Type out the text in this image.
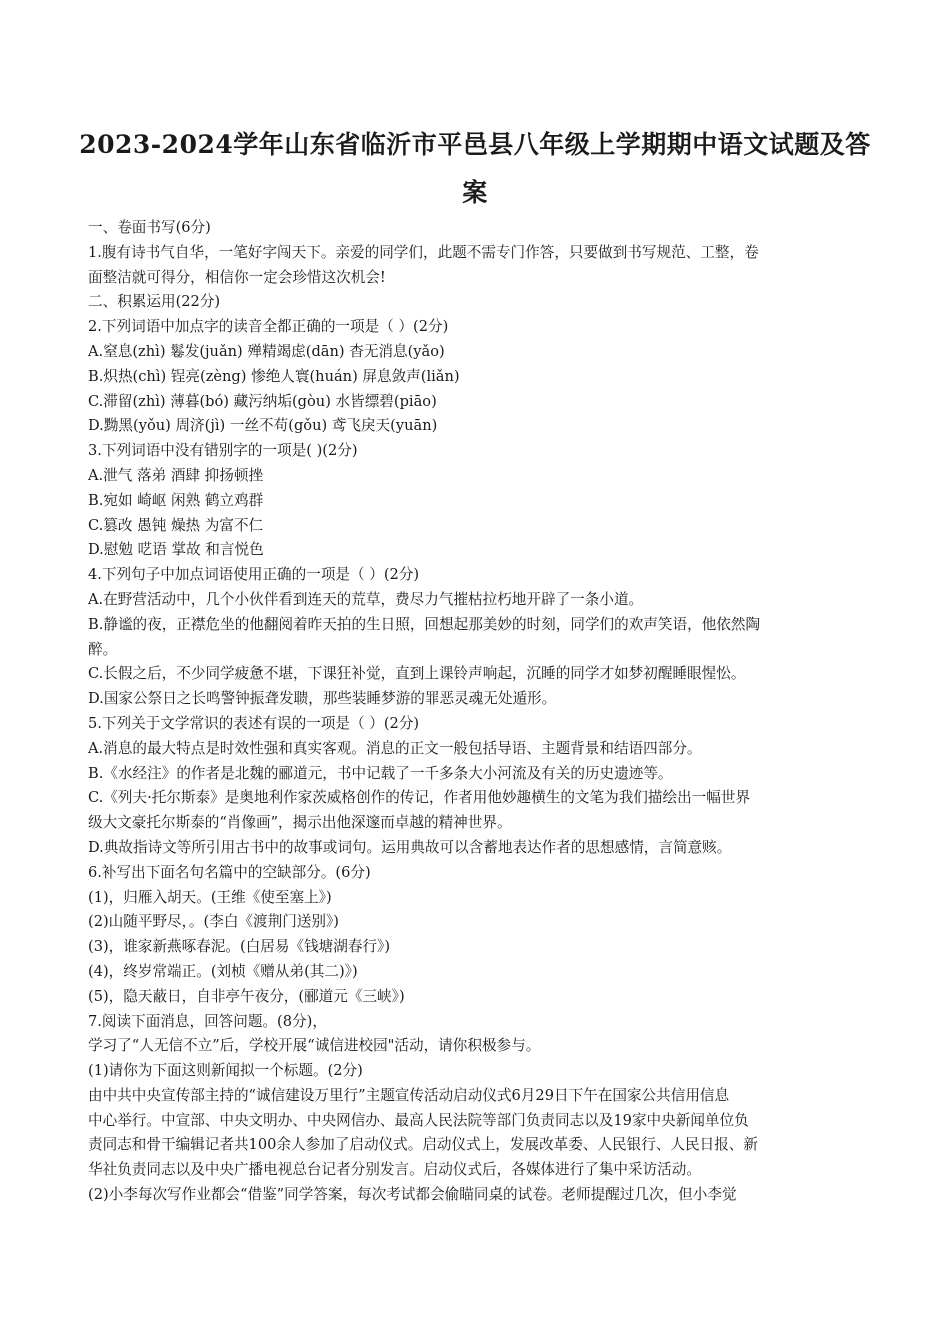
2023-2024学年山东省临沂市平邑县八年级上学期期中语文试题及答
案
一、卷面书写(6分)
1.腹有诗书气自华，一笔好字闯天下。亲爱的同学们，此题不需专门作答，只要做到书写规范、工整，卷
面整洁就可得分，相信你一定会珍惜这次机会!
二、积累运用(22分)
2.下列词语中加点字的读音全都正确的一项是（ ）(2分)
A.窒息(zhì) 鬈发(juǎn) 殚精竭虑(dān) 杳无消息(yǎo)
B.炽热(chì) 锃亮(zèng) 惨绝人寰(huán) 屏息敛声(liǎn)
C.滞留(zhì) 薄暮(bó) 藏污纳垢(gòu) 水皆缥碧(piāo)
D.黝黑(yǒu) 周济(jì) 一丝不苟(gǒu) 鸢飞戾天(yuān)
3.下列词语中没有错别字的一项是( )(2分)
A.泄气 落弟 酒肆 抑扬顿挫
B.宛如 崎岖 闲熟 鹤立鸡群
C.篡改 愚钝 燥热 为富不仁
D.慰勉 呓语 掌故 和言悦色
4.下列句子中加点词语使用正确的一项是（ ）(2分)
A.在野营活动中，几个小伙伴看到连天的荒草，费尽力气摧枯拉朽地开辟了一条小道。
B.静谧的夜，正襟危坐的他翻阅着昨天拍的生日照，回想起那美妙的时刻，同学们的欢声笑语，他依然陶
醉。
C.长假之后，不少同学疲惫不堪，下课狂补觉，直到上课铃声响起，沉睡的同学才如梦初醒睡眼惺忪。
D.国家公祭日之长鸣警钟振聋发聩，那些装睡梦游的罪恶灵魂无处遁形。
5.下列关于文学常识的表述有误的一项是（ ）(2分)
A.消息的最大特点是时效性强和真实客观。消息的正文一般包括导语、主题背景和结语四部分。
B.《水经注》的作者是北魏的郦道元，书中记载了一千多条大小河流及有关的历史遗迹等。
C.《列夫·托尔斯泰》是奥地利作家茨威格创作的传记，作者用他妙趣横生的文笔为我们描绘出一幅世界
级大文豪托尔斯泰的“肖像画”，揭示出他深邃而卓越的精神世界。
D.典故指诗文等所引用古书中的故事或词句。运用典故可以含蓄地表达作者的思想感情，言简意赅。
6.补写出下面名句名篇中的空缺部分。(6分)
(1)，归雁入胡天。(王维《使至塞上》)
(2)山随平野尽，。(李白《渡荆门送别》)
(3)，谁家新燕啄春泥。(白居易《钱塘湖春行》)
(4)，终岁常端正。(刘桢《赠从弟(其二)》)
(5)，隐天蔽日，自非亭午夜分，(郦道元《三峡》)
7.阅读下面消息，回答问题。(8分)，
学习了“人无信不立”后，学校开展“诚信进校园"活动，请你积极参与。
(1)请你为下面这则新闻拟一个标题。(2分)
由中共中央宣传部主持的“诚信建设万里行”主题宣传活动启动仪式6月29日下午在国家公共信用信息
中心举行。中宣部、中央文明办、中央网信办、最高人民法院等部门负责同志以及19家中央新闻单位负
责同志和骨干编辑记者共100余人参加了启动仪式。启动仪式上，发展改革委、人民银行、人民日报、新
华社负责同志以及中央广播电视总台记者分别发言。启动仪式后，各媒体进行了集中采访活动。
(2)小李每次写作业都会“借鉴”同学答案，每次考试都会偷瞄同桌的试卷。老师提醒过几次，但小李觉
